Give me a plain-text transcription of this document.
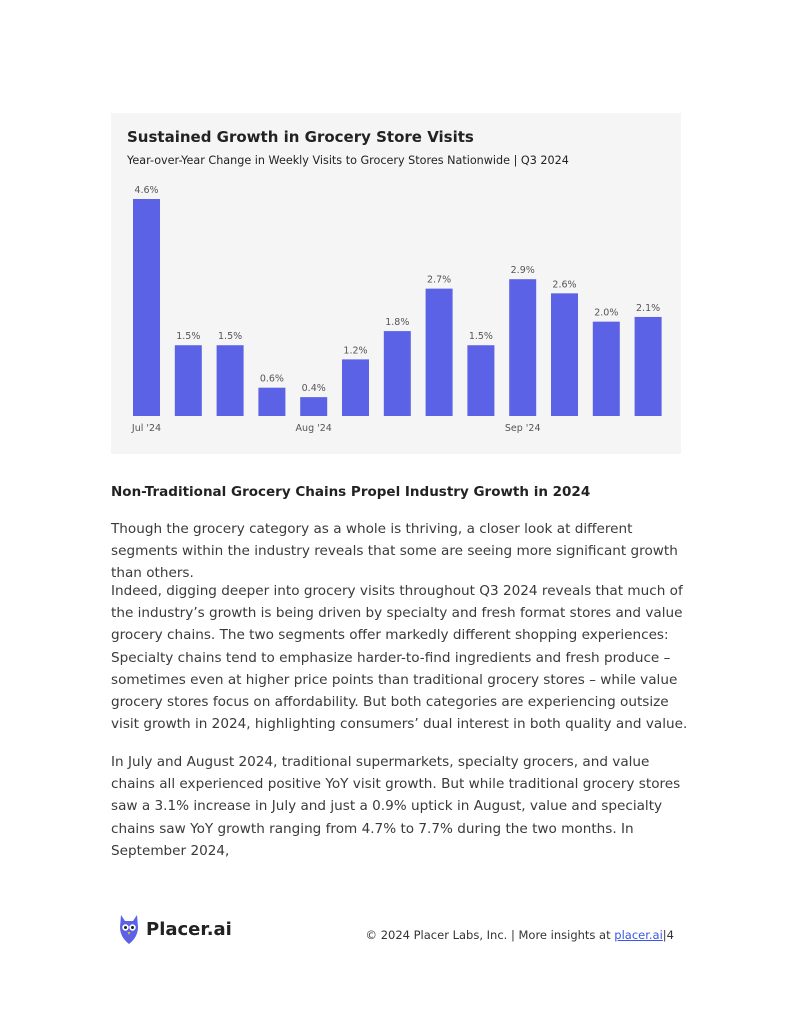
Sustained Growth in Grocery Store Visits

Year-over-Year Change in Weekly Visits to Grocery Stores Nationwide | Q3 2024

4.6%
1.5% 1.5%
0.6%
0.4%
1.2%
1.8%
2.7%
1.5%
2.9%
2.6%
2.0% 2.1%
Jul '24	Aug '24	Sep '24
Non-Traditional Grocery Chains Propel Industry Growth in 2024

Though the grocery category as a whole is thriving, a closer look at different segments within the industry reveals that some are seeing more significant growth than others.

Indeed, digging deeper into grocery visits throughout Q3 2024 reveals that much of the industry’s growth is being driven by specialty and fresh format stores and value grocery chains. The two segments offer markedly different shopping experiences: Specialty chains tend to emphasize harder-to-find ingredients and fresh produce – sometimes even at higher price points than traditional grocery stores – while value grocery stores focus on affordability. But both categories are experiencing outsize visit growth in 2024, highlighting consumers’ dual interest in both quality and value.

In July and August 2024, traditional supermarkets, specialty grocers, and value chains all experienced positive YoY visit growth. But while traditional grocery stores saw a 3.1% increase in July and just a 0.9% uptick in August, value and specialty chains saw YoY growth ranging from 4.7% to 7.7% during the two months. In September 2024,

Placer.ai	© 2024 Placer Labs, Inc. | More insights at placer.ai|4
